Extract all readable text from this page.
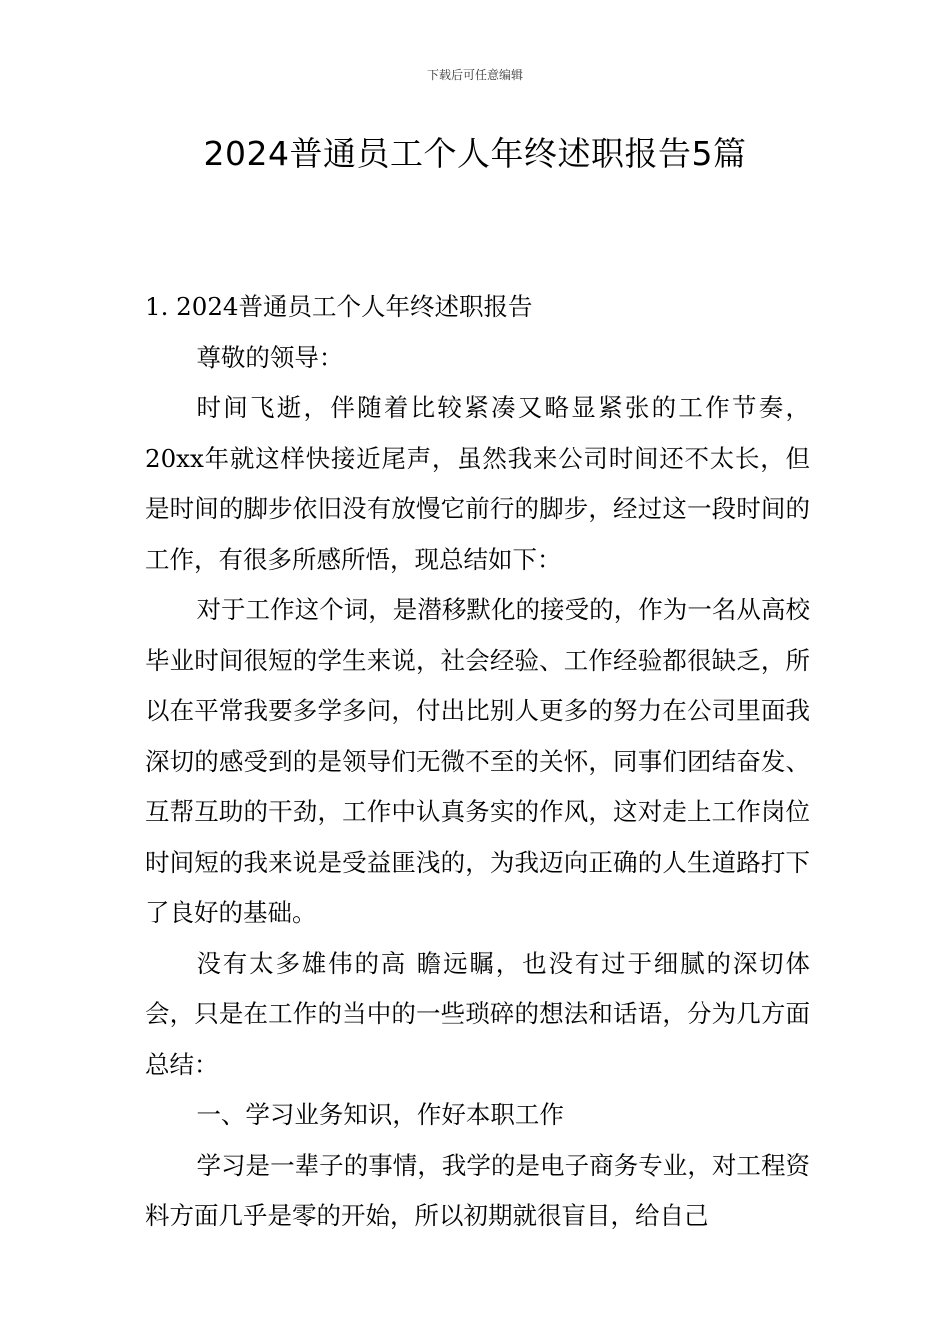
下载后可任意编辑
2024普通员工个人年终述职报告5篇

1. 2024普通员工个人年终述职报告

尊敬的领导：

时间飞逝，伴随着比较紧凑又略显紧张的工作节奏，20xx年就这样快接近尾声，虽然我来公司时间还不太长，但是时间的脚步依旧没有放慢它前行的脚步，经过这一段时间的工作，有很多所感所悟，现总结如下：

对于工作这个词，是潜移默化的接受的，作为一名从高校毕业时间很短的学生来说，社会经验、工作经验都很缺乏，所以在平常我要多学多问，付出比别人更多的努力在公司里面我深切的感受到的是领导们无微不至的关怀，同事们团结奋发、互帮互助的干劲，工作中认真务实的作风，这对走上工作岗位时间短的我来说是受益匪浅的，为我迈向正确的人生道路打下了良好的基础。

没有太多雄伟的高 瞻远瞩，也没有过于细腻的深切体会，只是在工作的当中的一些琐碎的想法和话语，分为几方面总结：

一、学习业务知识，作好本职工作

学习是一辈子的事情，我学的是电子商务专业，对工程资料方面几乎是零的开始，所以初期就很盲目，给自己
